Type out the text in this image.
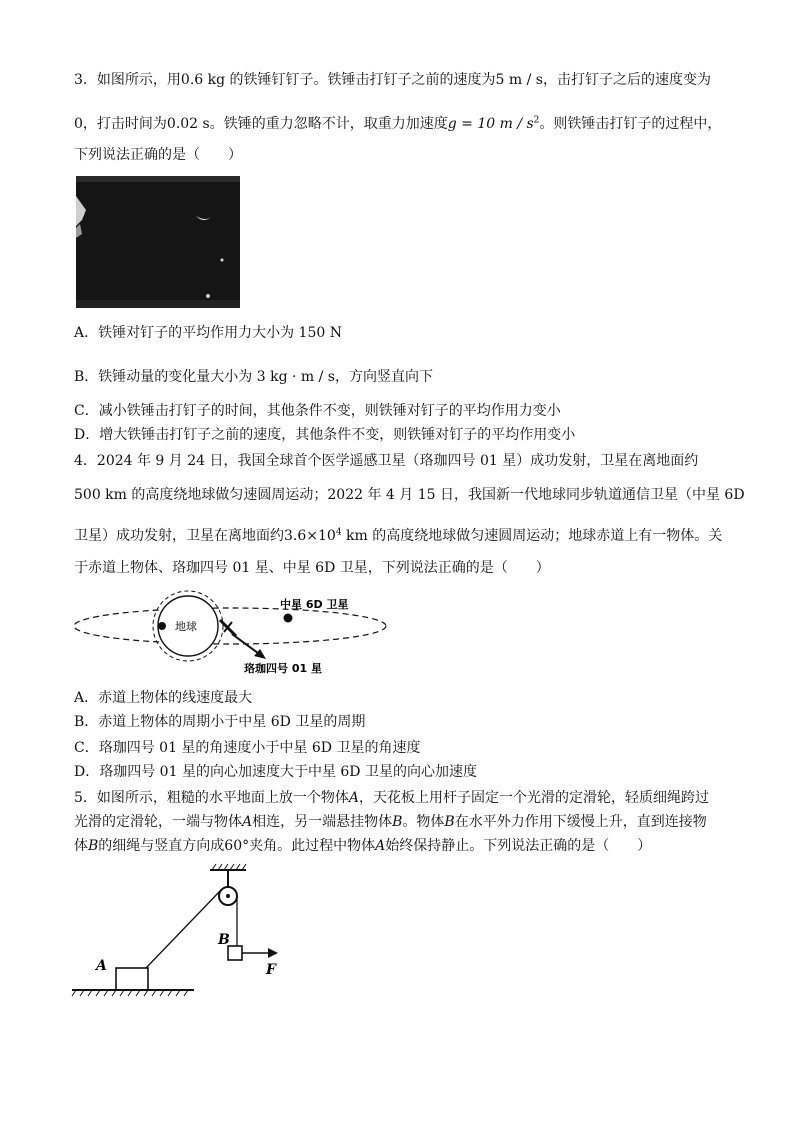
3．如图所示，用0.6 kg 的铁锤钉钉子。铁锤击打钉子之前的速度为5 m / s，击打钉子之后的速度变为
0，打击时间为0.02 s。铁锤的重力忽略不计，取重力加速度g = 10 m / $s^2$。则铁锤击打钉子的过程中，
下列说法正确的是（　　）
A．铁锤对钉子的平均作用力大小为 150 N
B．铁锤动量的变化量大小为 3 kg · m / s，方向竖直向下
C．减小铁锤击打钉子的时间，其他条件不变，则铁锤对钉子的平均作用力变小
D．增大铁锤击打钉子之前的速度，其他条件不变，则铁锤对钉子的平均作用变小
4．2024 年 9 月 24 日，我国全球首个医学遥感卫星（珞珈四号 01 星）成功发射，卫星在离地面约
500 km 的高度绕地球做匀速圆周运动；2022 年 4 月 15 日，我国新一代地球同步轨道通信卫星（中星 6D
卫星）成功发射，卫星在离地面约$3.6\times 10^4$ km 的高度绕地球做匀速圆周运动；地球赤道上有一物体。关
于赤道上物体、珞珈四号 01 星、中星 6D 卫星，下列说法正确的是（　　）
地球
中星 6D 卫星
珞珈四号 01 星
A．赤道上物体的线速度最大
B．赤道上物体的周期小于中星 6D 卫星的周期
C．珞珈四号 01 星的角速度小于中星 6D 卫星的角速度
D．珞珈四号 01 星的向心加速度大于中星 6D 卫星的向心加速度
5．如图所示，粗糙的水平地面上放一个物体A，天花板上用杆子固定一个光滑的定滑轮，轻质细绳跨过
光滑的定滑轮，一端与物体A相连，另一端悬挂物体B。物体B在水平外力作用下缓慢上升，直到连接物
体B的细绳与竖直方向成60°夹角。此过程中物体A始终保持静止。下列说法正确的是（　　）
A
B
F
